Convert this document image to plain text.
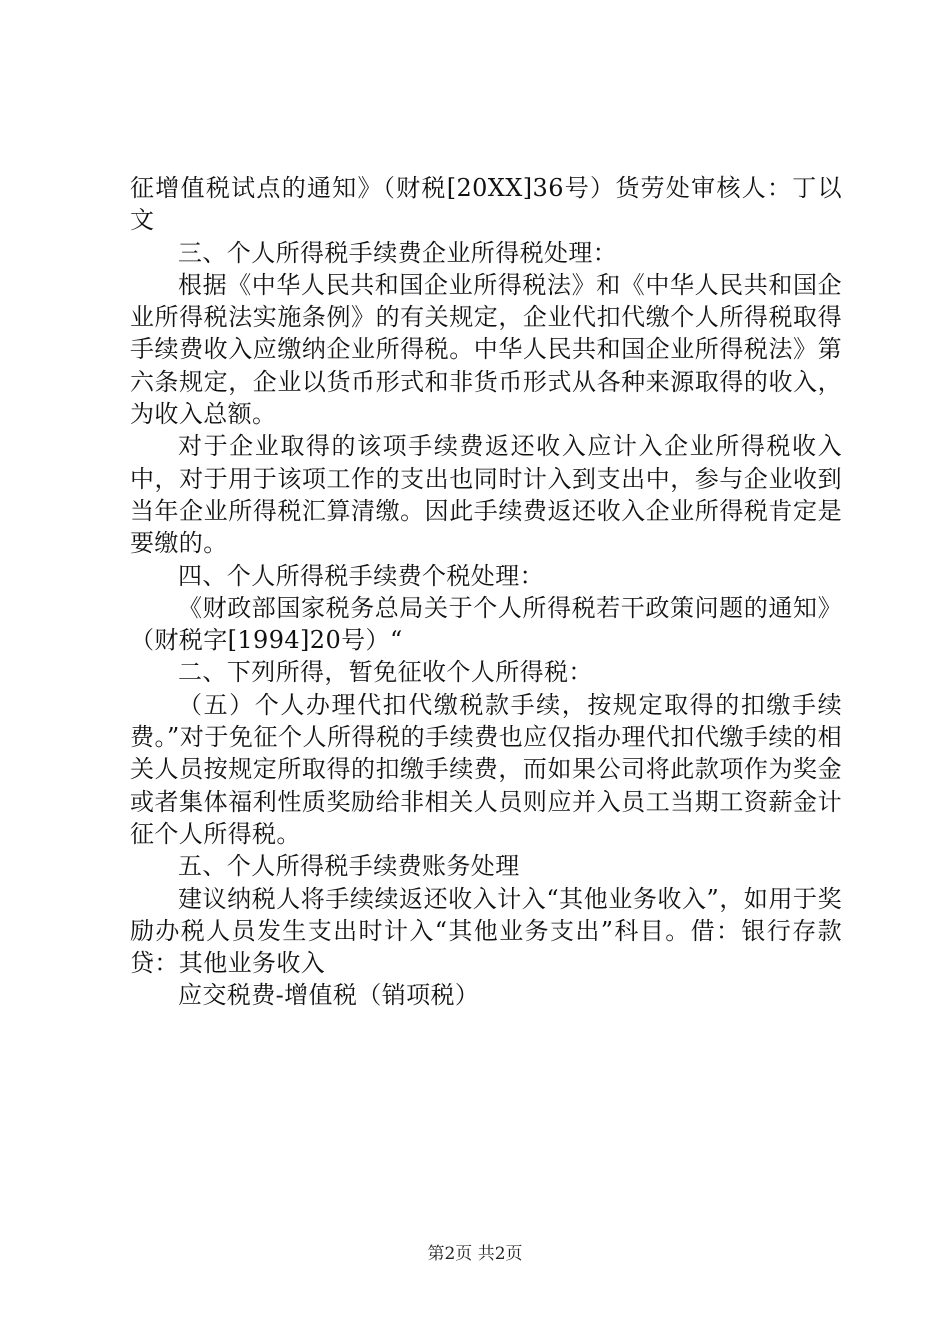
征增值税试点的通知》（财税[20XX]36号）货劳处审核人：丁以文

三、个人所得税手续费企业所得税处理：

根据《中华人民共和国企业所得税法》和《中华人民共和国企业所得税法实施条例》的有关规定，企业代扣代缴个人所得税取得手续费收入应缴纳企业所得税。中华人民共和国企业所得税法》第六条规定，企业以货币形式和非货币形式从各种来源取得的收入，为收入总额。

对于企业取得的该项手续费返还收入应计入企业所得税收入中，对于用于该项工作的支出也同时计入到支出中，参与企业收到当年企业所得税汇算清缴。因此手续费返还收入企业所得税肯定是要缴的。

四、个人所得税手续费个税处理：

《财政部国家税务总局关于个人所得税若干政策问题的通知》（财税字[1994]20号）“

二、下列所得，暂免征收个人所得税：

（五）个人办理代扣代缴税款手续，按规定取得的扣缴手续费。”对于免征个人所得税的手续费也应仅指办理代扣代缴手续的相关人员按规定所取得的扣缴手续费，而如果公司将此款项作为奖金或者集体福利性质奖励给非相关人员则应并入员工当期工资薪金计征个人所得税。

五、个人所得税手续费账务处理

建议纳税人将手续续返还收入计入“其他业务收入”，如用于奖励办税人员发生支出时计入“其他业务支出”科目。借：银行存款贷：其他业务收入

应交税费-增值税（销项税）

第2页 共2页
